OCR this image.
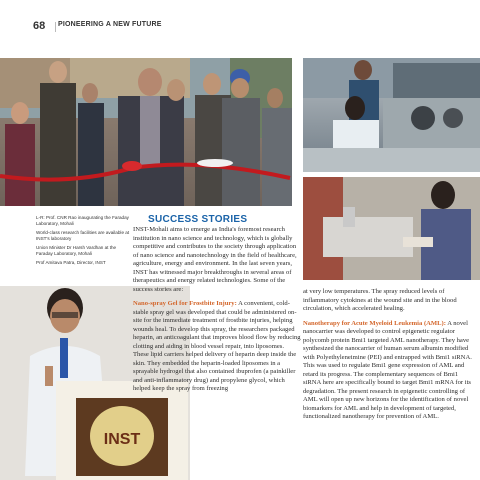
68 PIONEERING A NEW FUTURE

L-R: Prof. CNR Rao inaugurating the Faraday Laboratory, Mohali

World-class research facilities are available at INST's laboratory

Union Minister Dr Harsh Vardhan at the Faraday Laboratory, Mohali

Prof Amitava Patra, Director, INST

INST
SUCCESS STORIES

INST-Mohali aims to emerge as India's foremost research institution in nano science and technology, which is globally competitive and contributes to the society through application of nano science and nanotechnology in the field of healthcare, agriculture, energy and environment. In the last seven years, INST has witnessed major breakthroughs in several areas of therapeutics and energy related technologies. Some of the success stories are:

Nano-spray Gel for Frostbite Injury: A convenient, cold-stable spray gel was developed that could be administered on-site for the immediate treatment of frostbite injuries, helping wounds heal. To develop this spray, the researchers packaged heparin, an anticoagulant that improves blood flow by reducing clotting and aiding in blood vessel repair, into liposomes. These lipid carriers helped delivery of heparin deep inside the skin. They embedded the heparin-loaded liposomes in a sprayable hydrogel that also contained ibuprofen (a painkiller and anti-inflammatory drug) and propylene glycol, which helped keep the spray from freezing

at very low temperatures. The spray reduced levels of inflammatory cytokines at the wound site and in the blood circulation, which accelerated healing.

Nanotherapy for Acute Myeloid Leukemia (AML): A novel nanocarrier was developed to control epigenetic regulator polycomb protein Bmi1 targeted AML nanotherapy. They have synthesized the nanocarrier of human serum albumin modified with Polyethyleneimine (PEI) and entrapped with Bmi1 siRNA. This was used to regulate Bmi1 gene expression of AML and retard its progress. The complementary sequences of Bmi1 siRNA here are specifically bound to target Bmi1 mRNA for its degradation. The present research in epigenetic controlling of AML will open up new horizons for the identification of novel biomarkers for AML and help in development of targeted, functionalized nanotherapy for prevention of AML.
